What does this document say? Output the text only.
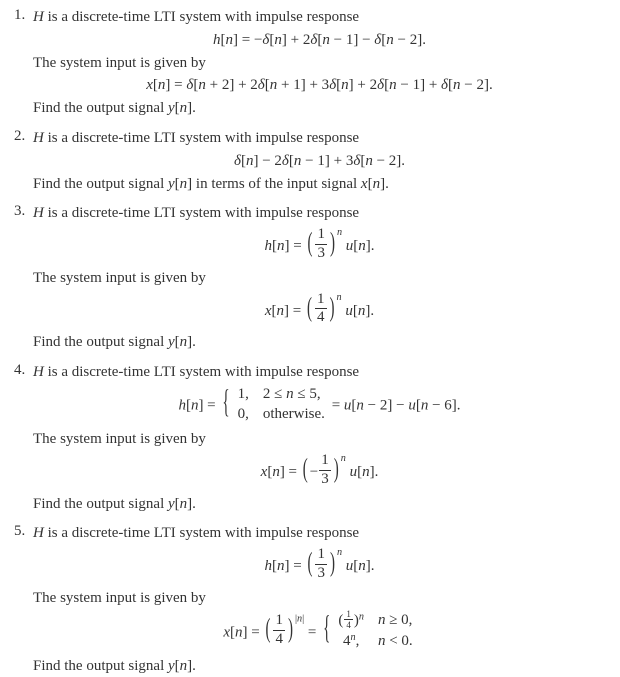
1. H is a discrete-time LTI system with impulse response
h[n] = −δ[n] + 2δ[n − 1] − δ[n − 2].
The system input is given by
x[n] = δ[n + 2] + 2δ[n + 1] + 3δ[n] + 2δ[n − 1] + δ[n − 2].
Find the output signal y[n].
2. H is a discrete-time LTI system with impulse response
δ[n] − 2δ[n − 1] + 3δ[n − 2].
Find the output signal y[n] in terms of the input signal x[n].
3. H is a discrete-time LTI system with impulse response
h[n] = ( $\frac{1}{3}$ ) $^n$ u[n].
The system input is given by
x[n] = ( $\frac{1}{4}$ ) $^n$ u[n].
Find the output signal y[n].
4. H is a discrete-time LTI system with impulse response
h[n] = { 1, 2 ≤ n ≤ 5,
0, otherwise.
= u[n − 2] − u[n − 6].
The system input is given by
x[n] = ( − $\frac{1}{3}$ ) $^n$ u[n].
Find the output signal y[n].
5. H is a discrete-time LTI system with impulse response
h[n] = ( $\frac{1}{3}$ ) $^n$ u[n].
The system input is given by
x[n] = ( $\frac{1}{4}$ ) $^{|n|}$ = { ( $\frac{1}{4} )^n$ n ≥ 0,
4$^n$,	n < 0.
Find the output signal y[n].
